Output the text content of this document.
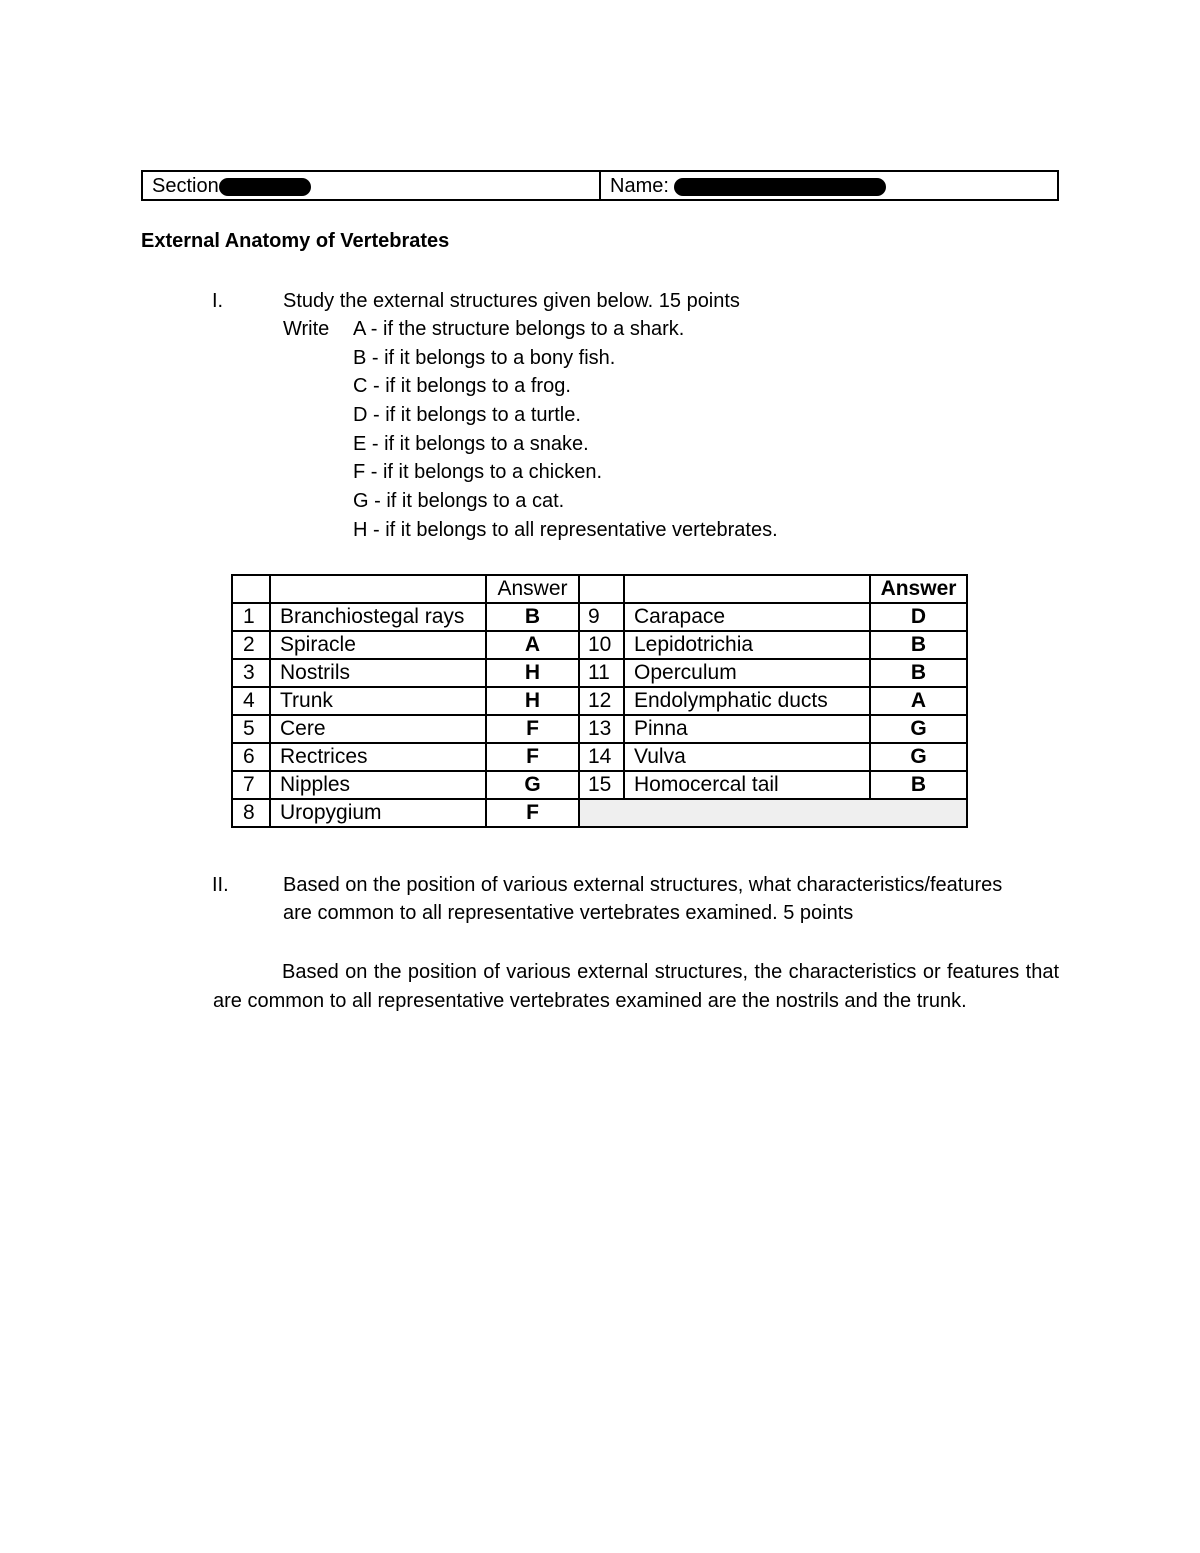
Section	Name:
External Anatomy of Vertebrates
I.	Study the external structures given below. 15 points
Write A - if the structure belongs to a shark.
B - if it belongs to a bony fish.
C - if it belongs to a frog.
D - if it belongs to a turtle.
E - if it belongs to a snake.
F - if it belongs to a chicken.
G - if it belongs to a cat.
H - if it belongs to all representative vertebrates.
		Answer			Answer
1	Branchiostegal rays	B	9	Carapace	D
2	Spiracle	A	10	Lepidotrichia	B
3	Nostrils	H	11	Operculum	B
4	Trunk	H	12	Endolymphatic ducts	A
5	Cere	F	13	Pinna	G
6	Rectrices	F	14	Vulva	G
7	Nipples	G	15	Homocercal tail	B
8	Uropygium	F			
II.	Based on the position of various external structures, what characteristics/features
are common to all representative vertebrates examined. 5 points
Based on the position of various external structures, the characteristics or features that are common to all representative vertebrates examined are the nostrils and the trunk.
